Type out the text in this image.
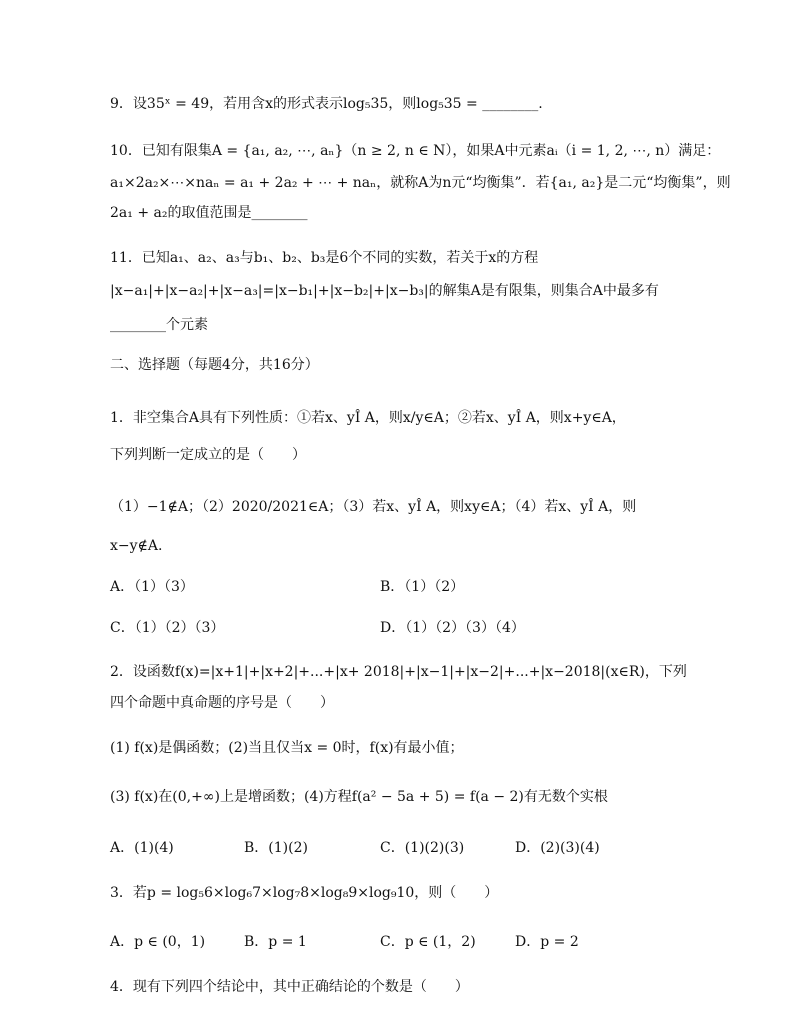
9．设35ˣ = 49，若用含x的形式表示log₅35，则log₅35 = ________.
10．已知有限集A = {a₁, a₂, ⋯, aₙ}（n ≥ 2, n ∈ N），如果A中元素aᵢ（i = 1, 2, ⋯, n）满足：
a₁×2a₂×⋯×naₙ = a₁ + 2a₂ + ⋯ + naₙ，就称A为n元“均衡集”．若{a₁, a₂}是二元“均衡集”，则
2a₁ + a₂的取值范围是________
11．已知a₁、a₂、a₃与b₁、b₂、b₃是6个不同的实数，若关于x的方程
|x−a₁|+|x−a₂|+|x−a₃|=|x−b₁|+|x−b₂|+|x−b₃|的解集A是有限集，则集合A中最多有
________个元素
二、选择题（每题4分，共16分）
1．非空集合A具有下列性质：①若x、yÎ A，则x/y∈A；②若x、yÎ A，则x+y∈A，
下列判断一定成立的是（　　）
（1）−1∉A；（2）2020/2021∈A；（3）若x、yÎ A，则xy∈A；（4）若x、yÎ A，则
x−y∉A.
A．（1）（3）	B．（1）（2）
C．（1）（2）（3）	D．（1）（2）（3）（4）
2．设函数f(x)=|x+1|+|x+2|+...+|x+ 2018|+|x−1|+|x−2|+...+|x−2018|(x∈R)，下列
四个命题中真命题的序号是（　　）
(1) f(x)是偶函数；(2)当且仅当x = 0时，f(x)有最小值；
(3) f(x)在(0,+∞)上是增函数；(4)方程f(a² − 5a + 5) = f(a − 2)有无数个实根
A．(1)(4)	B．(1)(2)	C．(1)(2)(3)	D．(2)(3)(4)
3．若p = log₅6×log₆7×log₇8×log₈9×log₉10，则（　　）
A．p ∈ (0，1)	B．p = 1	C．p ∈ (1，2)	D．p = 2
4．现有下列四个结论中，其中正确结论的个数是（　　）
